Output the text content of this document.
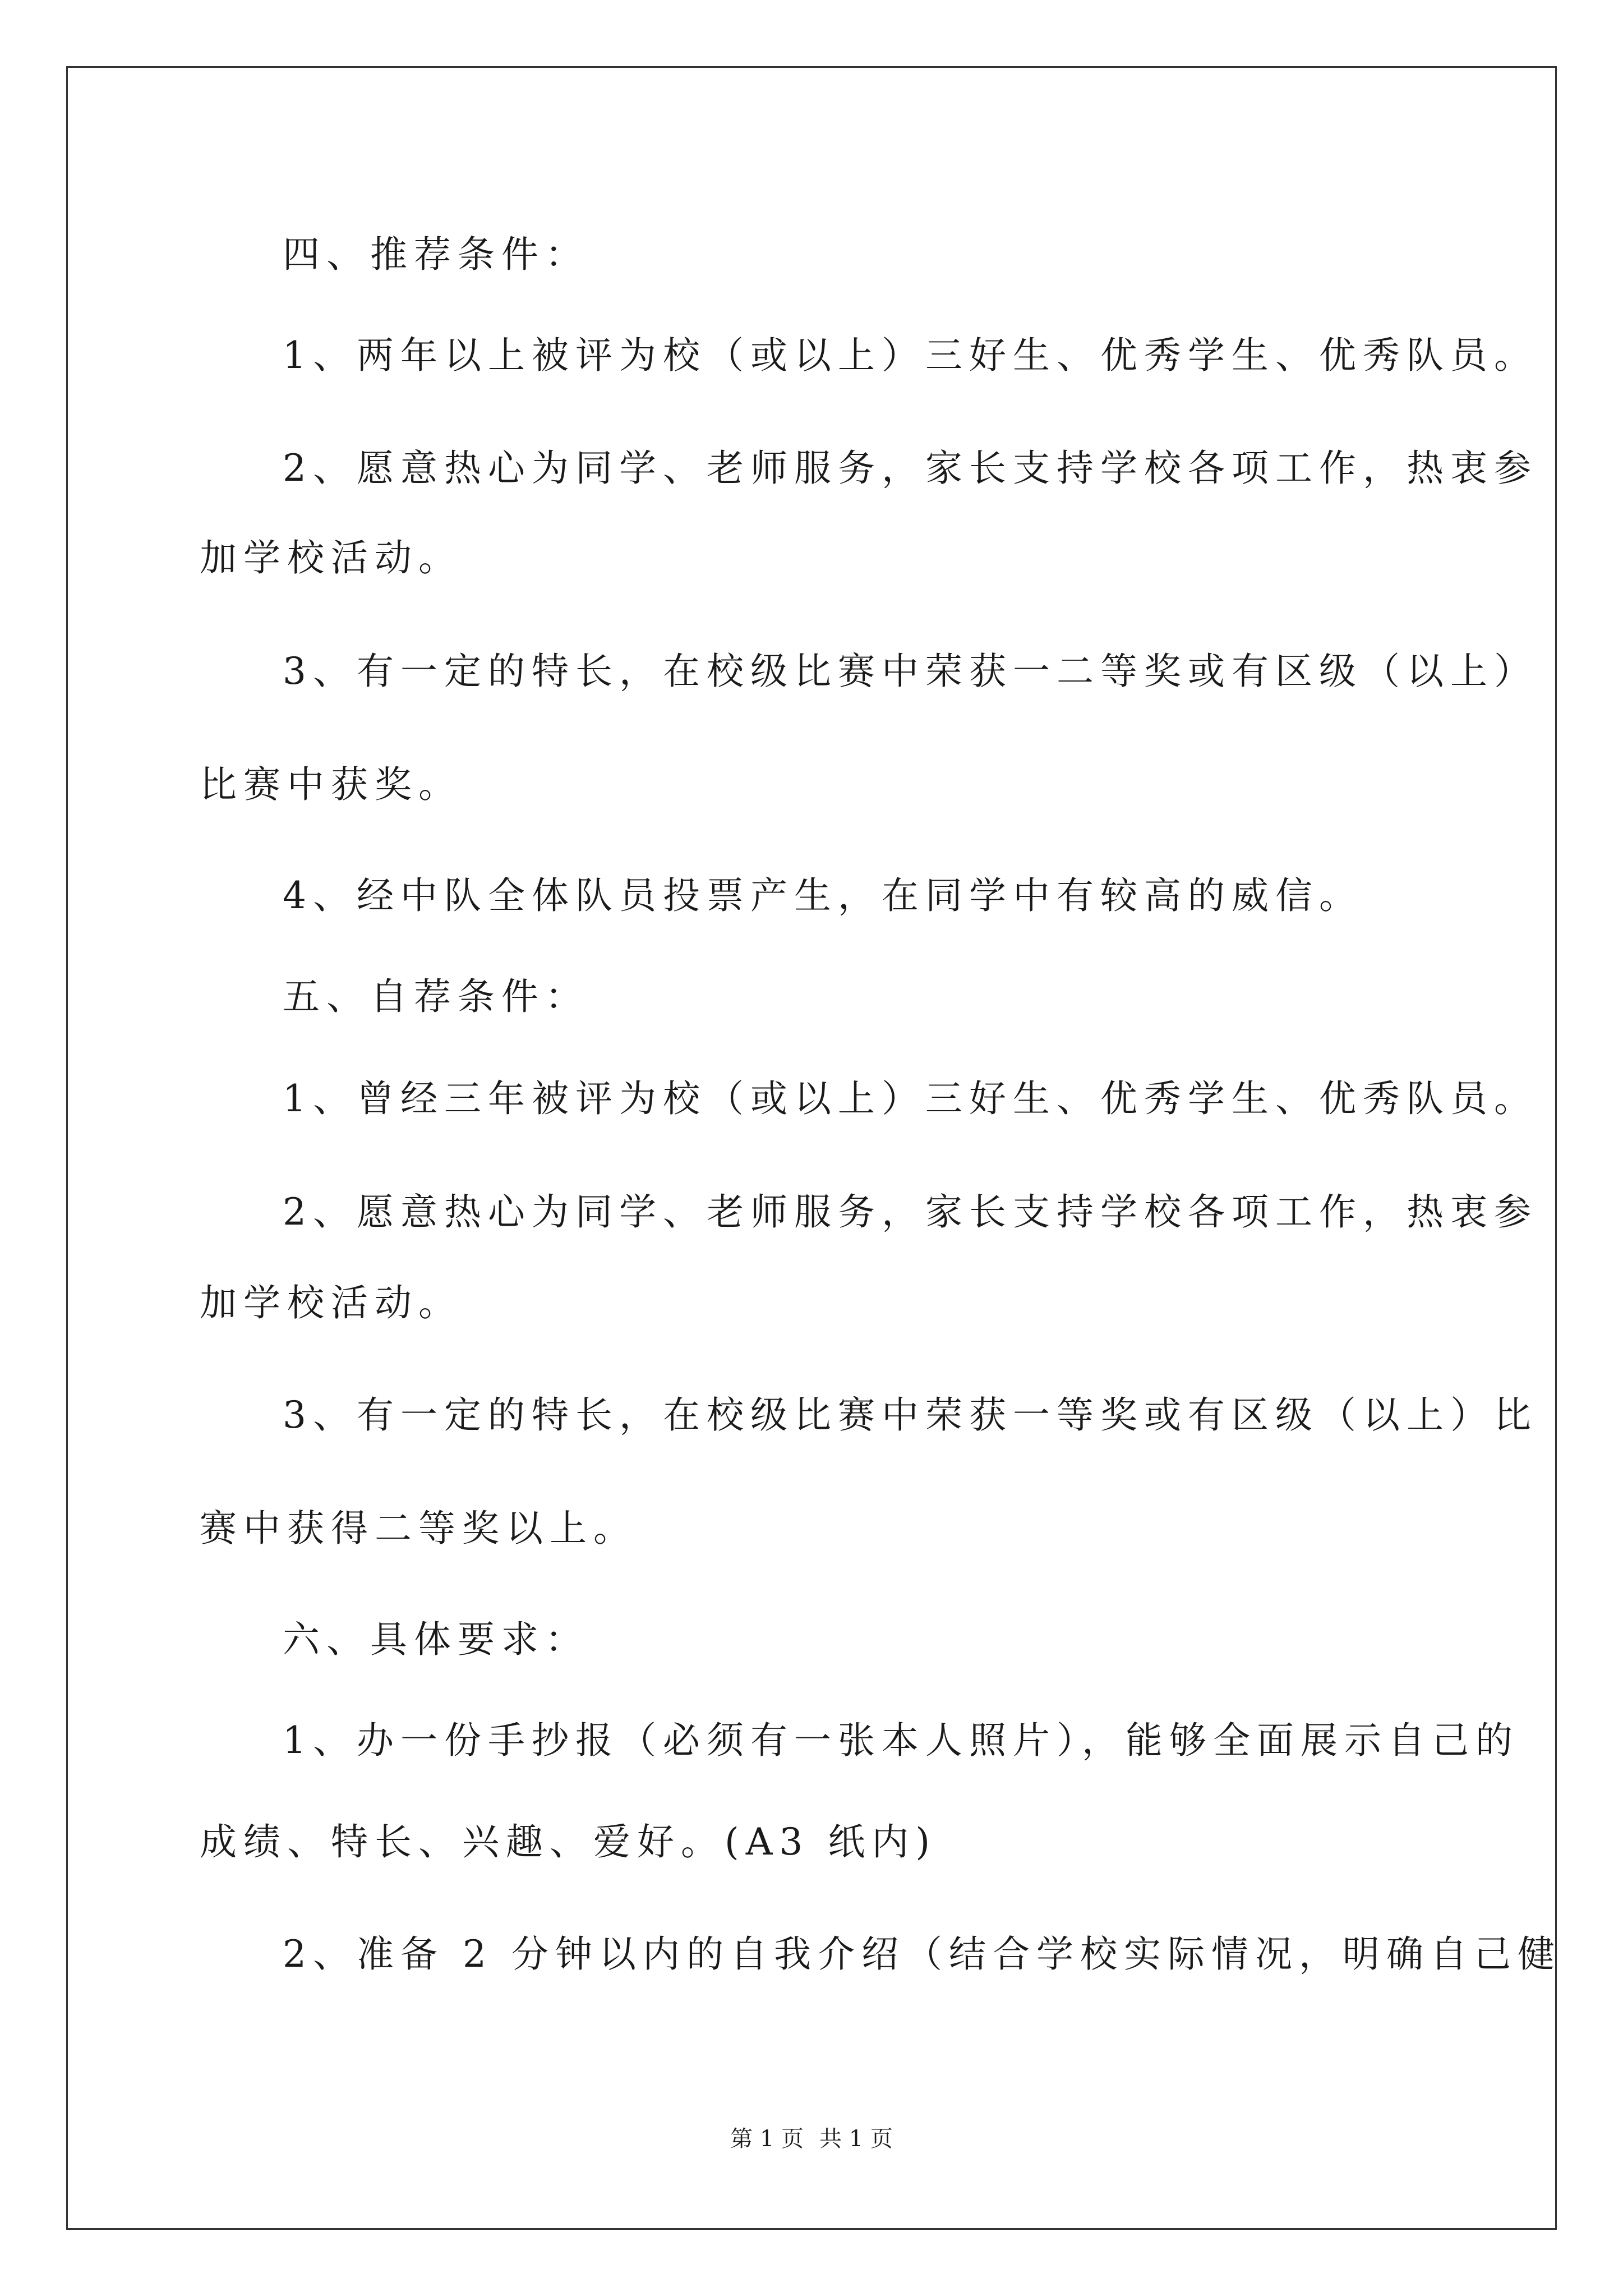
四、推荐条件：
1、两年以上被评为校（或以上）三好生、优秀学生、优秀队员。
2、愿意热心为同学、老师服务，家长支持学校各项工作，热衷参
加学校活动。
3、有一定的特长，在校级比赛中荣获一二等奖或有区级（以上）
比赛中获奖。
4、经中队全体队员投票产生，在同学中有较高的威信。
五、自荐条件：
1、曾经三年被评为校（或以上）三好生、优秀学生、优秀队员。
2、愿意热心为同学、老师服务，家长支持学校各项工作，热衷参
加学校活动。
3、有一定的特长，在校级比赛中荣获一等奖或有区级（以上）比
赛中获得二等奖以上。
六、具体要求：
1、办一份手抄报（必须有一张本人照片），能够全面展示自己的
成绩、特长、兴趣、爱好。(A3 纸内)
2、准备 2 分钟以内的自我介绍（结合学校实际情况，明确自己健
第 1 页 共 1 页
